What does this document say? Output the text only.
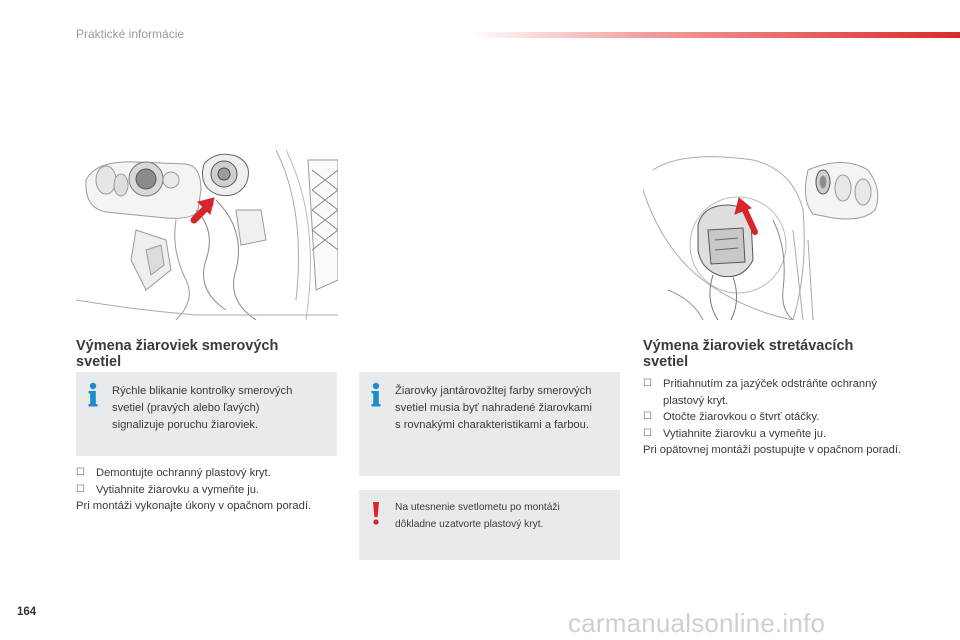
Praktické informácie
Výmena žiaroviek smerových
svetiel
Výmena žiaroviek stretávacích
svetiel
Rýchle blikanie kontrolky smerových
svetiel (pravých alebo ľavých)
signalizuje poruchu žiaroviek.
Žiarovky jantárovožltej farby smerových
svetiel musia byť nahradené žiarovkami
s rovnakými charakteristikami a farbou.
Na utesnenie svetlometu po montáži
dôkladne uzatvorte plastový kryt.
☐ Demontujte ochranný plastový kryt.
☐ Vytiahnite žiarovku a vymeňte ju.
Pri montáži vykonajte úkony v opačnom poradí.
☐ Pritiahnutím za jazýček odstráňte ochranný plastový kryt.
☐ Otočte žiarovkou o štvrť otáčky.
☐ Vytiahnite žiarovku a vymeňte ju.
Pri opätovnej montáži postupujte v opačnom poradí.
164	carmanualsonline.info
